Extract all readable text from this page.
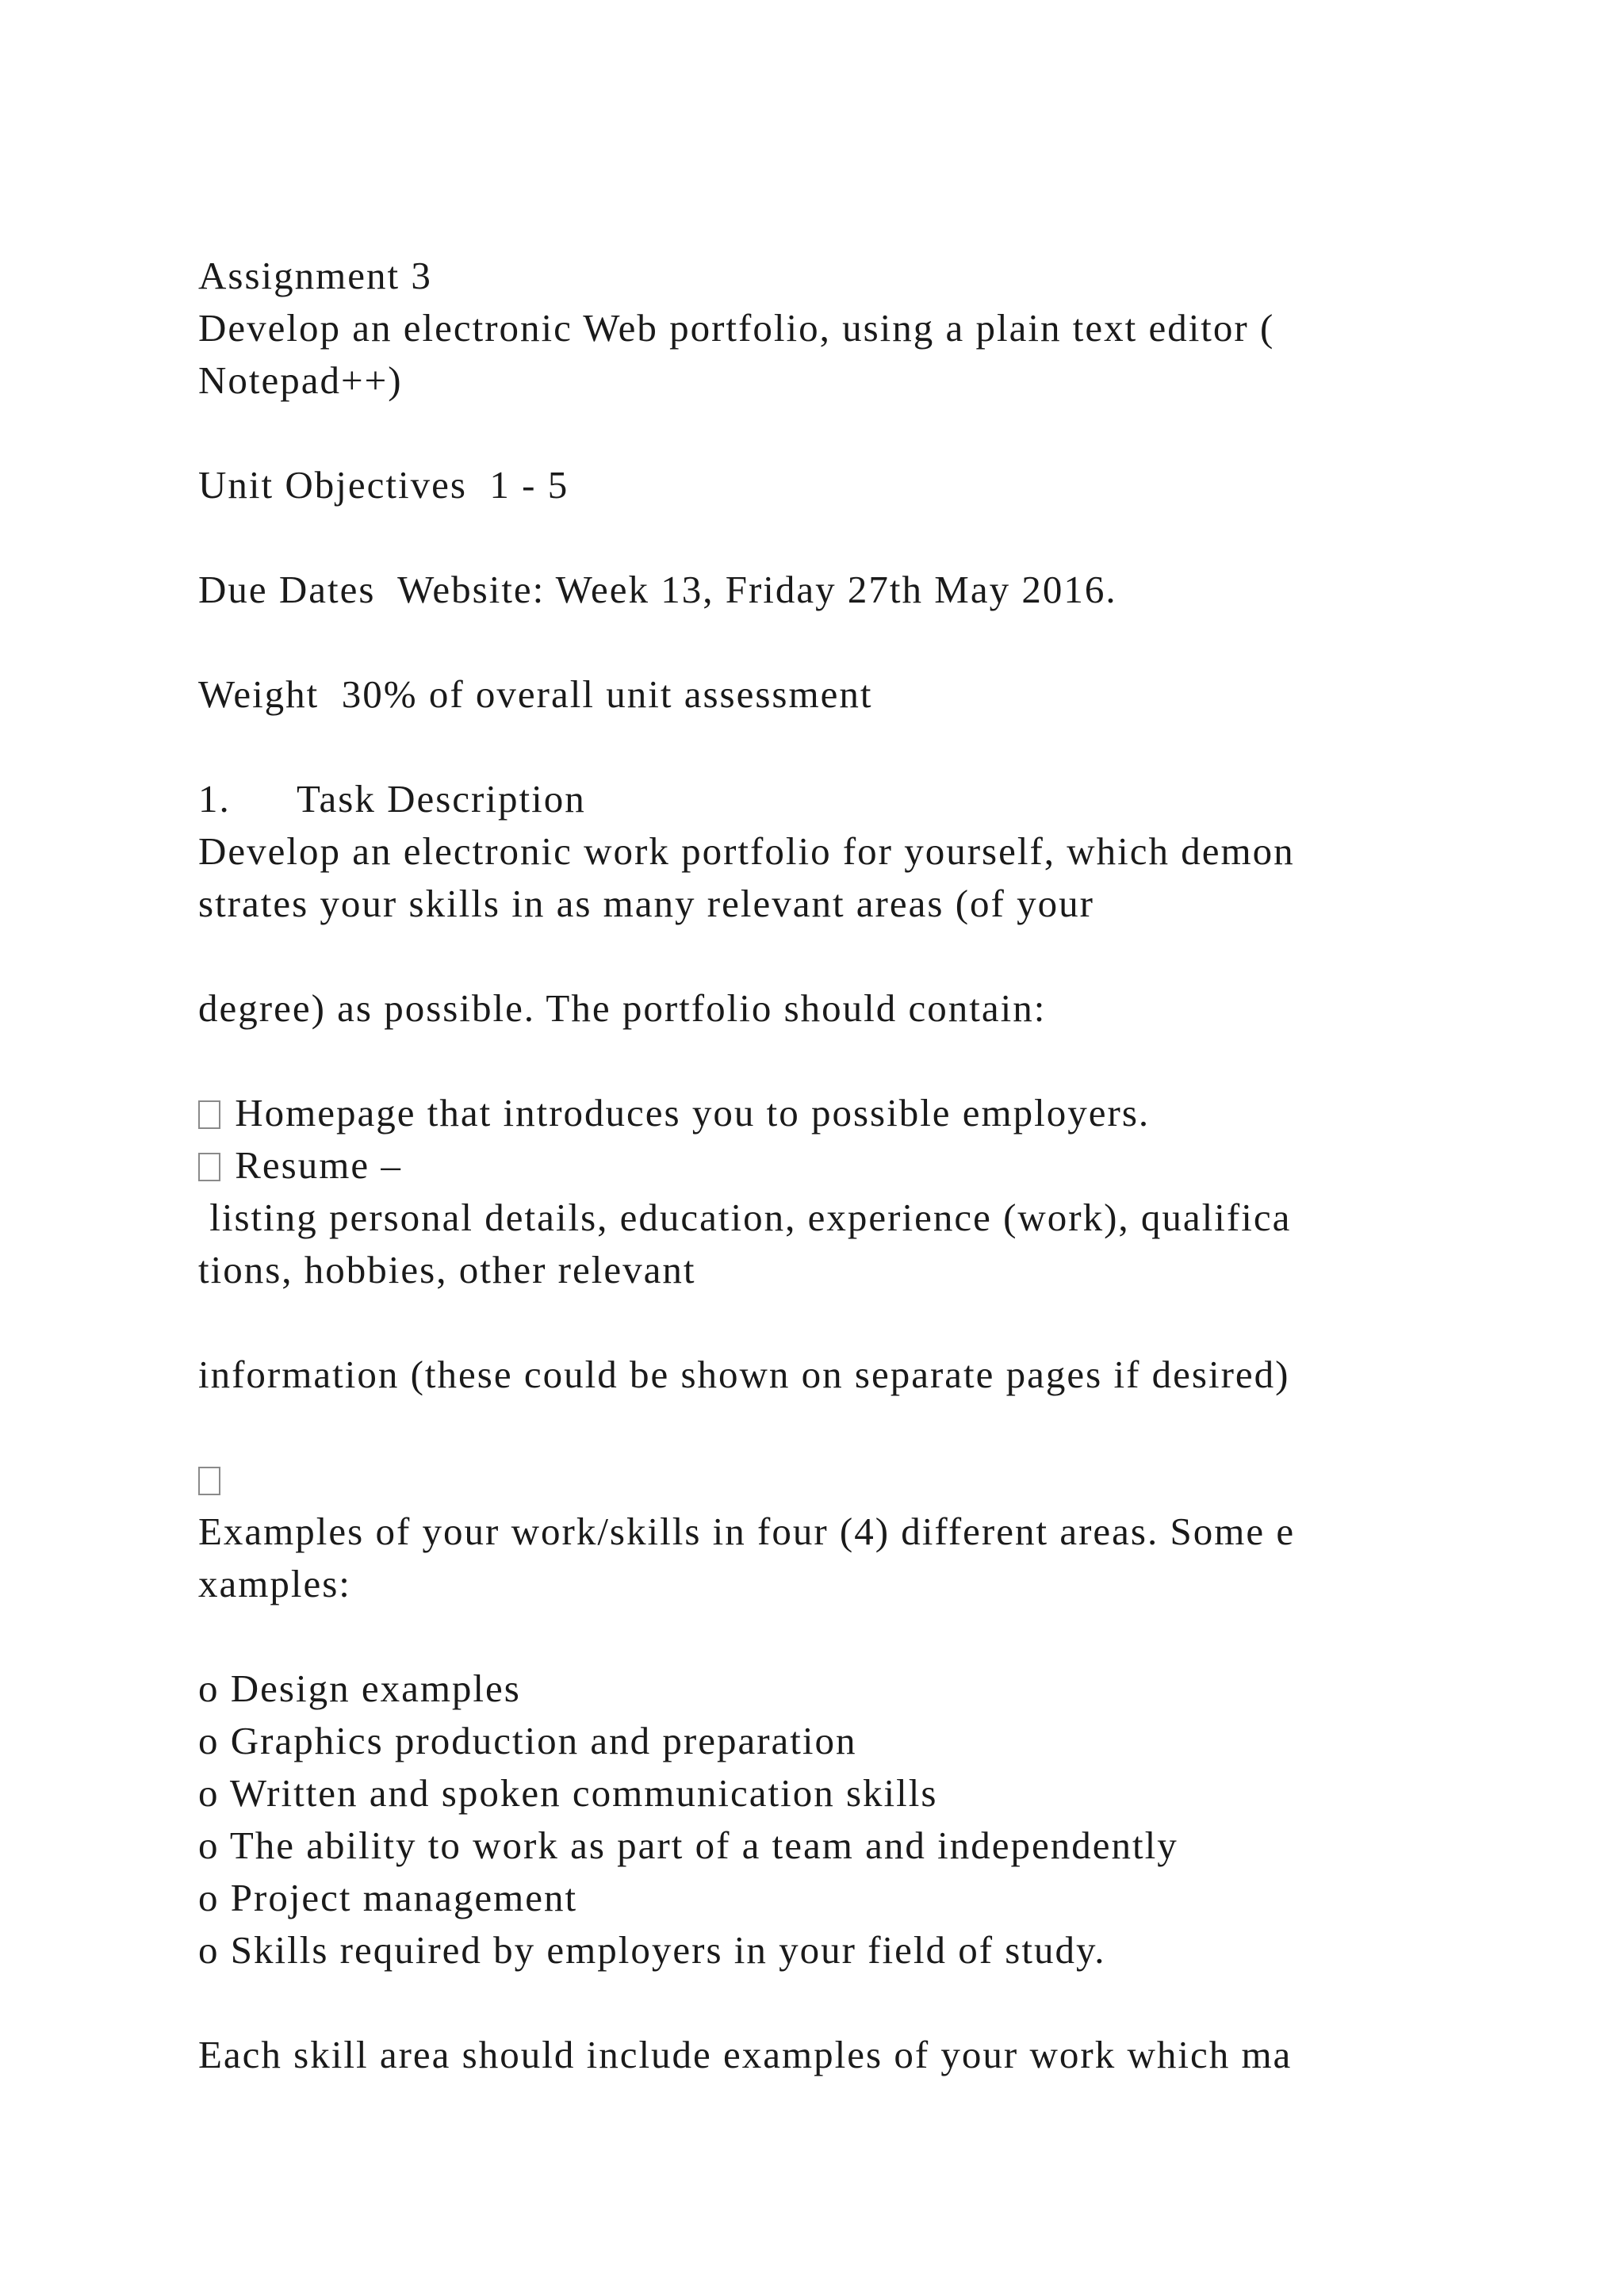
Assignment 3
Develop an electronic Web portfolio, using a plain text editor (
Notepad++)
Unit Objectives  1 - 5
Due Dates  Website: Week 13, Friday 27th May 2016.
Weight  30% of overall unit assessment
1. Task Description
Develop an electronic work portfolio for yourself, which demon
strates your skills in as many relevant areas (of your
degree) as possible. The portfolio should contain:
Homepage that introduces you to possible employers.
Resume –
listing personal details, education, experience (work), qualifica
tions, hobbies, other relevant
information (these could be shown on separate pages if desired)
Examples of your work/skills in four (4) different areas. Some e
xamples:
o Design examples
o Graphics production and preparation
o Written and spoken communication skills
o The ability to work as part of a team and independently
o Project management
o Skills required by employers in your field of study.
Each skill area should include examples of your work which ma
